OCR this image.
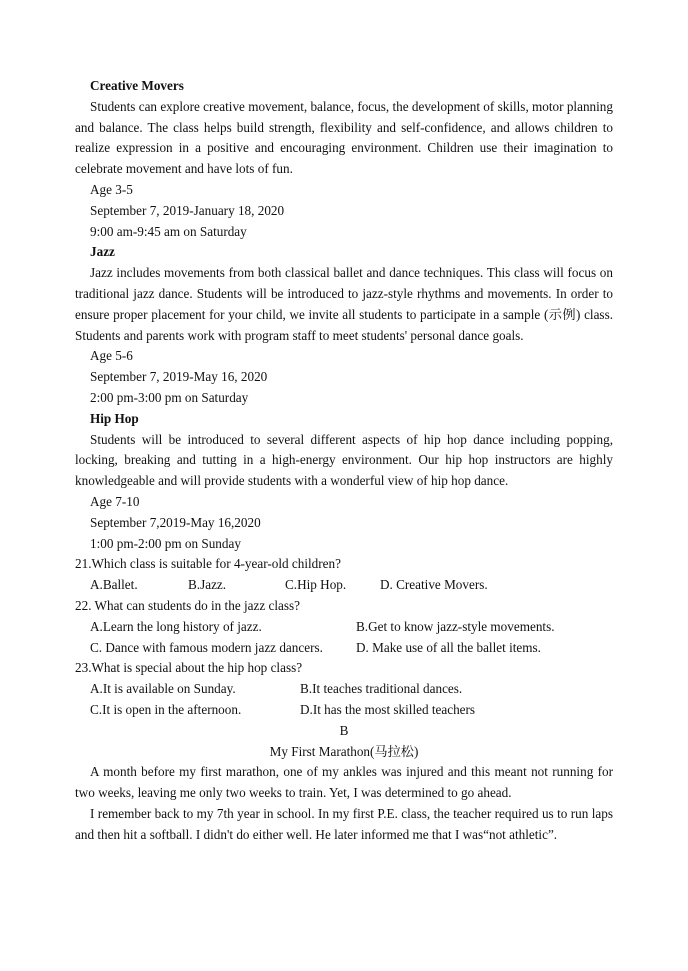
Creative Movers

Students can explore creative movement, balance, focus, the development of skills, motor planning and balance. The class helps build strength, flexibility and self-confidence, and allows children to realize expression in a positive and encouraging environment. Children use their imagination to celebrate movement and have lots of fun.

Age 3-5
September 7, 2019-January 18, 2020
9:00 am-9:45 am on Saturday
Jazz

Jazz includes movements from both classical ballet and dance techniques. This class will focus on traditional jazz dance. Students will be introduced to jazz-style rhythms and movements. In order to ensure proper placement for your child, we invite all students to participate in a sample (示例) class. Students and parents work with program staff to meet students' personal dance goals.

Age 5-6
September 7, 2019-May 16, 2020
2:00 pm-3:00 pm on Saturday
Hip Hop

Students will be introduced to several different aspects of hip hop dance including popping, locking, breaking and tutting in a high-energy environment. Our hip hop instructors are highly knowledgeable and will provide students with a wonderful view of hip hop dance.

Age 7-10
September 7,2019-May 16,2020
1:00 pm-2:00 pm on Sunday
21.Which class is suitable for 4-year-old children?
A.Ballet.	B.Jazz.	C.Hip Hop.	D. Creative Movers.
22. What can students do in the jazz class?
A.Learn the long history of jazz.	B.Get to know jazz-style movements.
C. Dance with famous modern jazz dancers.	D. Make use of all the ballet items.
23.What is special about the hip hop class?
A.It is available on Sunday.	B.It teaches traditional dances.
C.It is open in the afternoon.	D.It has the most skilled teachers
B
My First Marathon(马拉松)

A month before my first marathon, one of my ankles was injured and this meant not running for two weeks, leaving me only two weeks to train. Yet, I was determined to go ahead.

I remember back to my 7th year in school. In my first P.E. class, the teacher required us to run laps and then hit a softball. I didn't do either well. He later informed me that I was“not athletic”.
